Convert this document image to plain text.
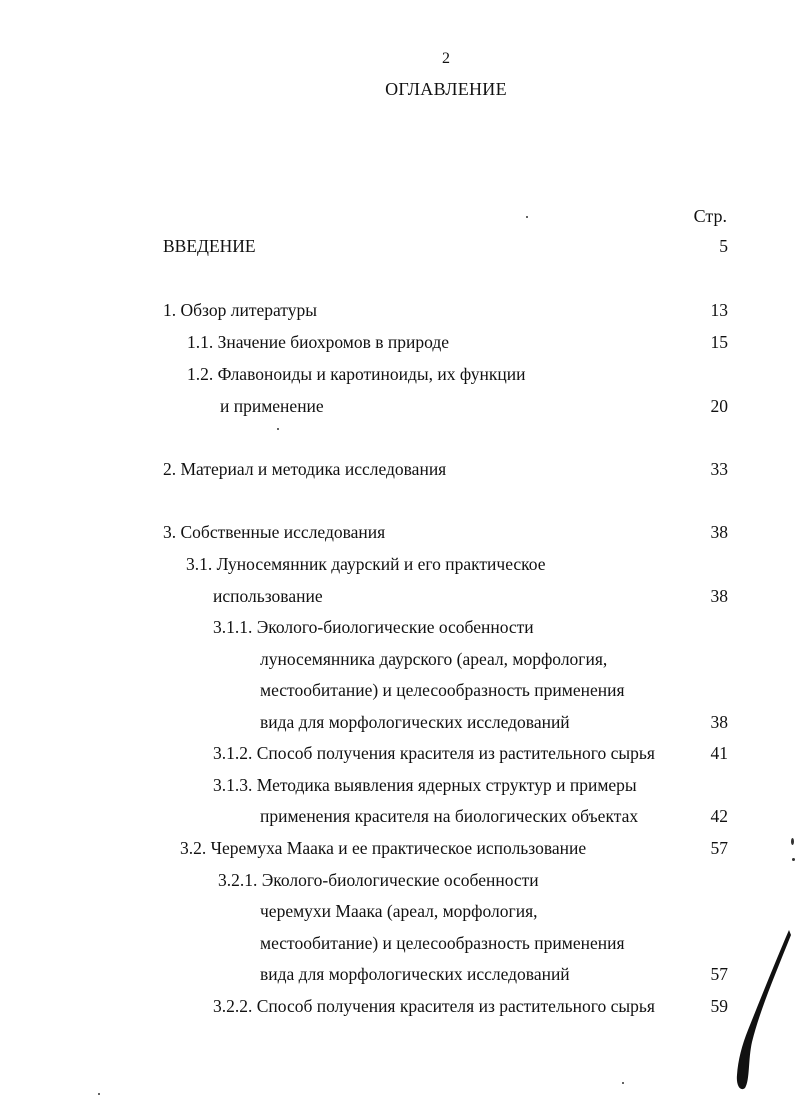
2
ОГЛАВЛЕНИЕ
Стр.
ВВЕДЕНИЕ	5
1. Обзор литературы	13
1.1. Значение биохромов в природе	15
1.2. Флавоноиды и каротиноиды, их функции
и применение	20
2. Материал и методика исследования	33
3. Собственные исследования	38
3.1. Луносемянник даурский и его практическое
использование	38
3.1.1. Эколого-биологические особенности
луносемянника даурского (ареал, морфология,
местообитание) и целесообразность применения
вида для морфологических исследований	38
3.1.2. Способ получения красителя из растительного сырья	41
3.1.3. Методика выявления ядерных структур и примеры
применения красителя на биологических объектах	42
3.2. Черемуха Маака и ее практическое использование	57
3.2.1. Эколого-биологические особенности
черемухи Маака (ареал, морфология,
местообитание) и целесообразность применения
вида для морфологических исследований	57
3.2.2. Способ получения красителя из растительного сырья	59
